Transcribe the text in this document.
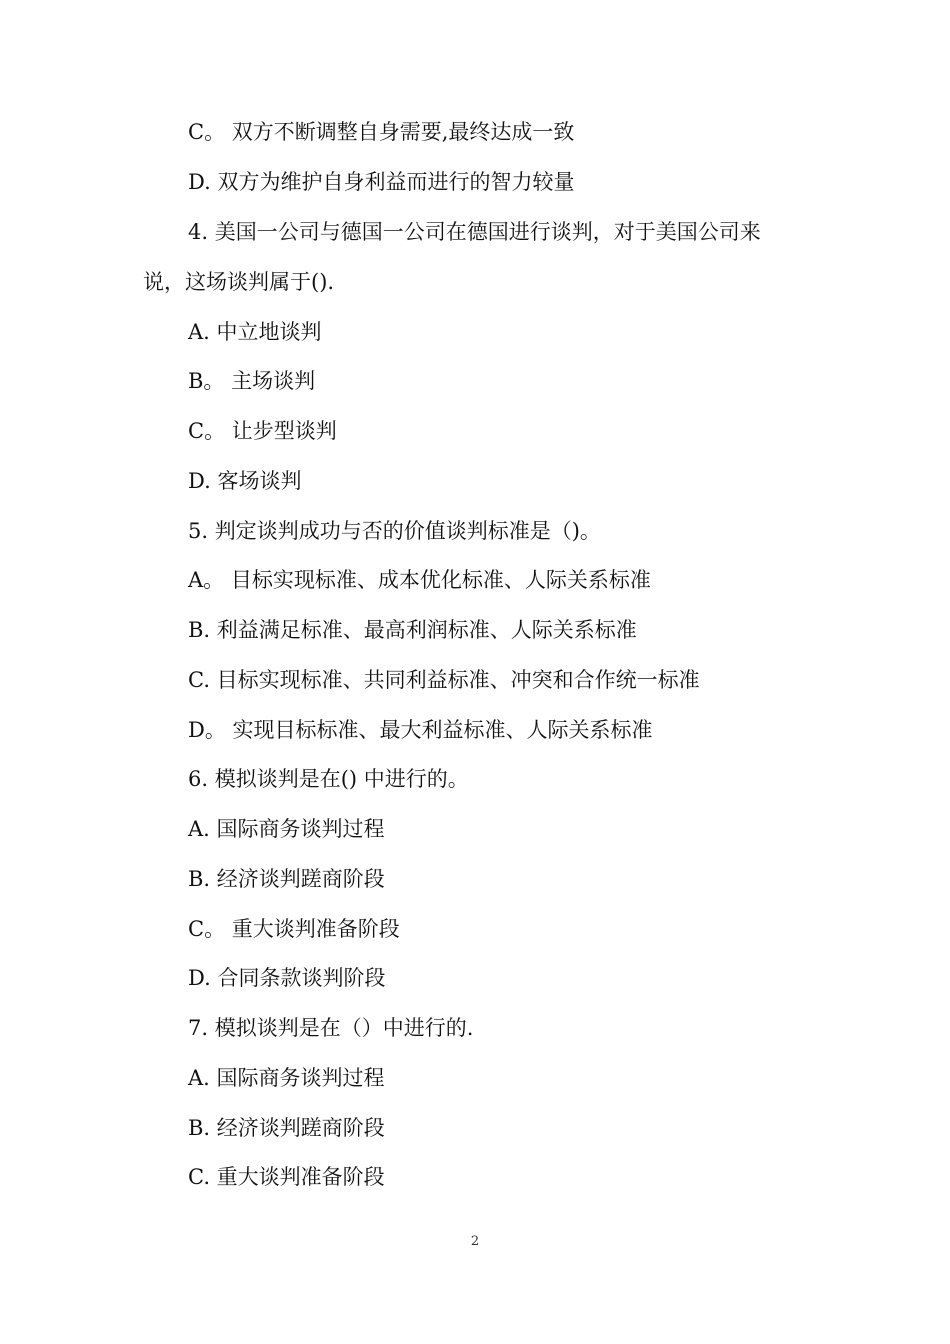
C。 双方不断调整自身需要,最终达成一致
D. 双方为维护自身利益而进行的智力较量
4. 美国一公司与德国一公司在德国进行谈判，对于美国公司来
说，这场谈判属于().
A. 中立地谈判
B。 主场谈判
C。 让步型谈判
D. 客场谈判
5. 判定谈判成功与否的价值谈判标准是（)。
A。 目标实现标准、成本优化标准、人际关系标准
B. 利益满足标准、最高利润标准、人际关系标准
C. 目标实现标准、共同利益标准、冲突和合作统一标准
D。 实现目标标准、最大利益标准、人际关系标准
6. 模拟谈判是在() 中进行的。
A. 国际商务谈判过程
B. 经济谈判蹉商阶段
C。 重大谈判准备阶段
D. 合同条款谈判阶段
7. 模拟谈判是在（）中进行的.
A. 国际商务谈判过程
B. 经济谈判蹉商阶段
C. 重大谈判准备阶段
2
